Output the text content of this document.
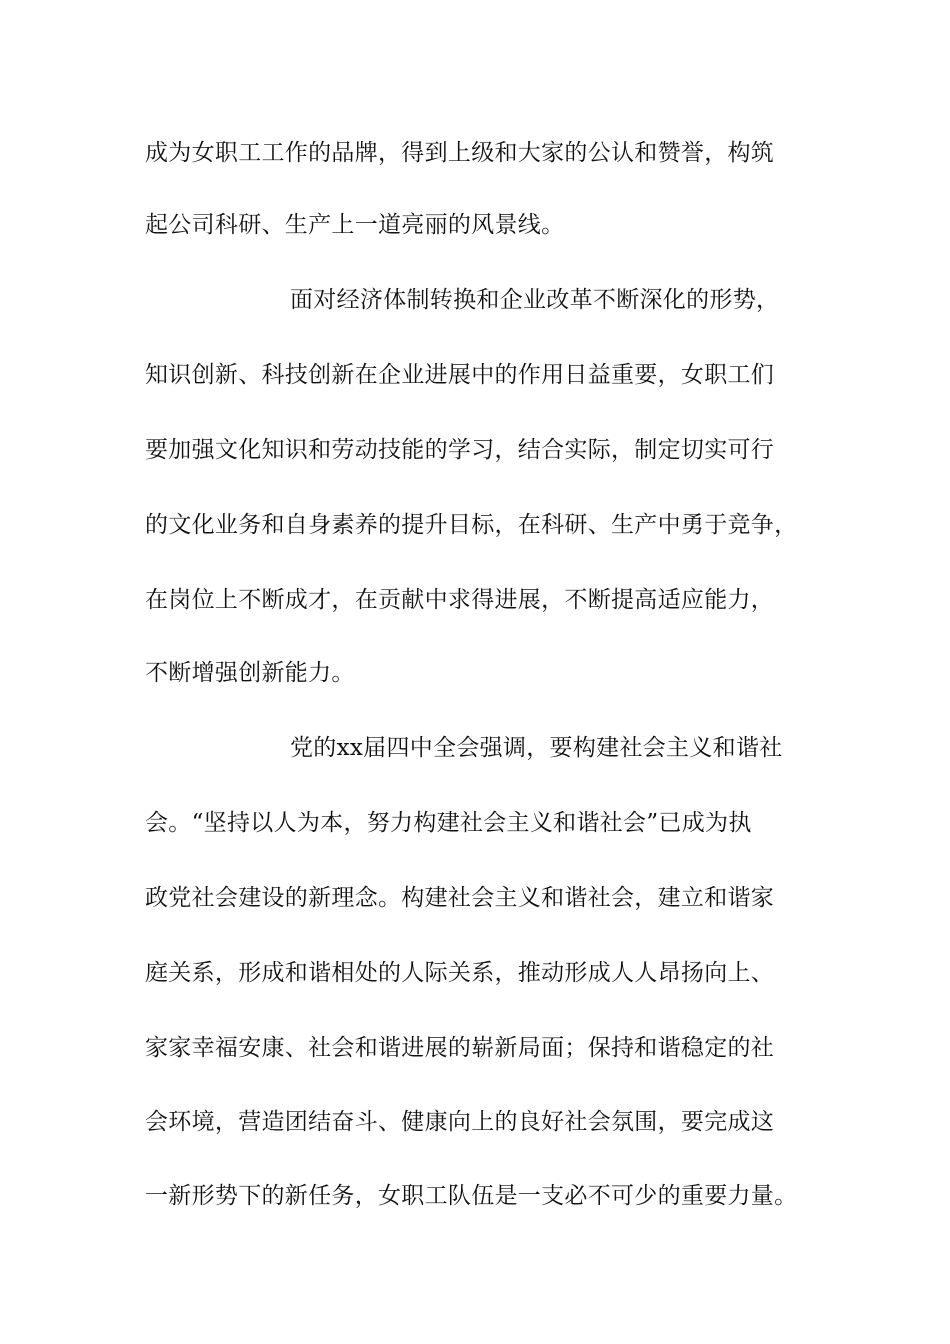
成为女职工工作的品牌，得到上级和大家的公认和赞誉，构筑

起公司科研、生产上一道亮丽的风景线。

面对经济体制转换和企业改革不断深化的形势，

知识创新、科技创新在企业进展中的作用日益重要，女职工们

要加强文化知识和劳动技能的学习，结合实际，制定切实可行

的文化业务和自身素养的提升目标，在科研、生产中勇于竞争，

在岗位上不断成才，在贡献中求得进展，不断提高适应能力，

不断增强创新能力。

党的xx届四中全会强调，要构建社会主义和谐社

会。“坚持以人为本，努力构建社会主义和谐社会”已成为执

政党社会建设的新理念。构建社会主义和谐社会，建立和谐家

庭关系，形成和谐相处的人际关系，推动形成人人昂扬向上、

家家幸福安康、社会和谐进展的崭新局面；保持和谐稳定的社

会环境，营造团结奋斗、健康向上的良好社会氛围，要完成这

一新形势下的新任务，女职工队伍是一支必不可少的重要力量。
